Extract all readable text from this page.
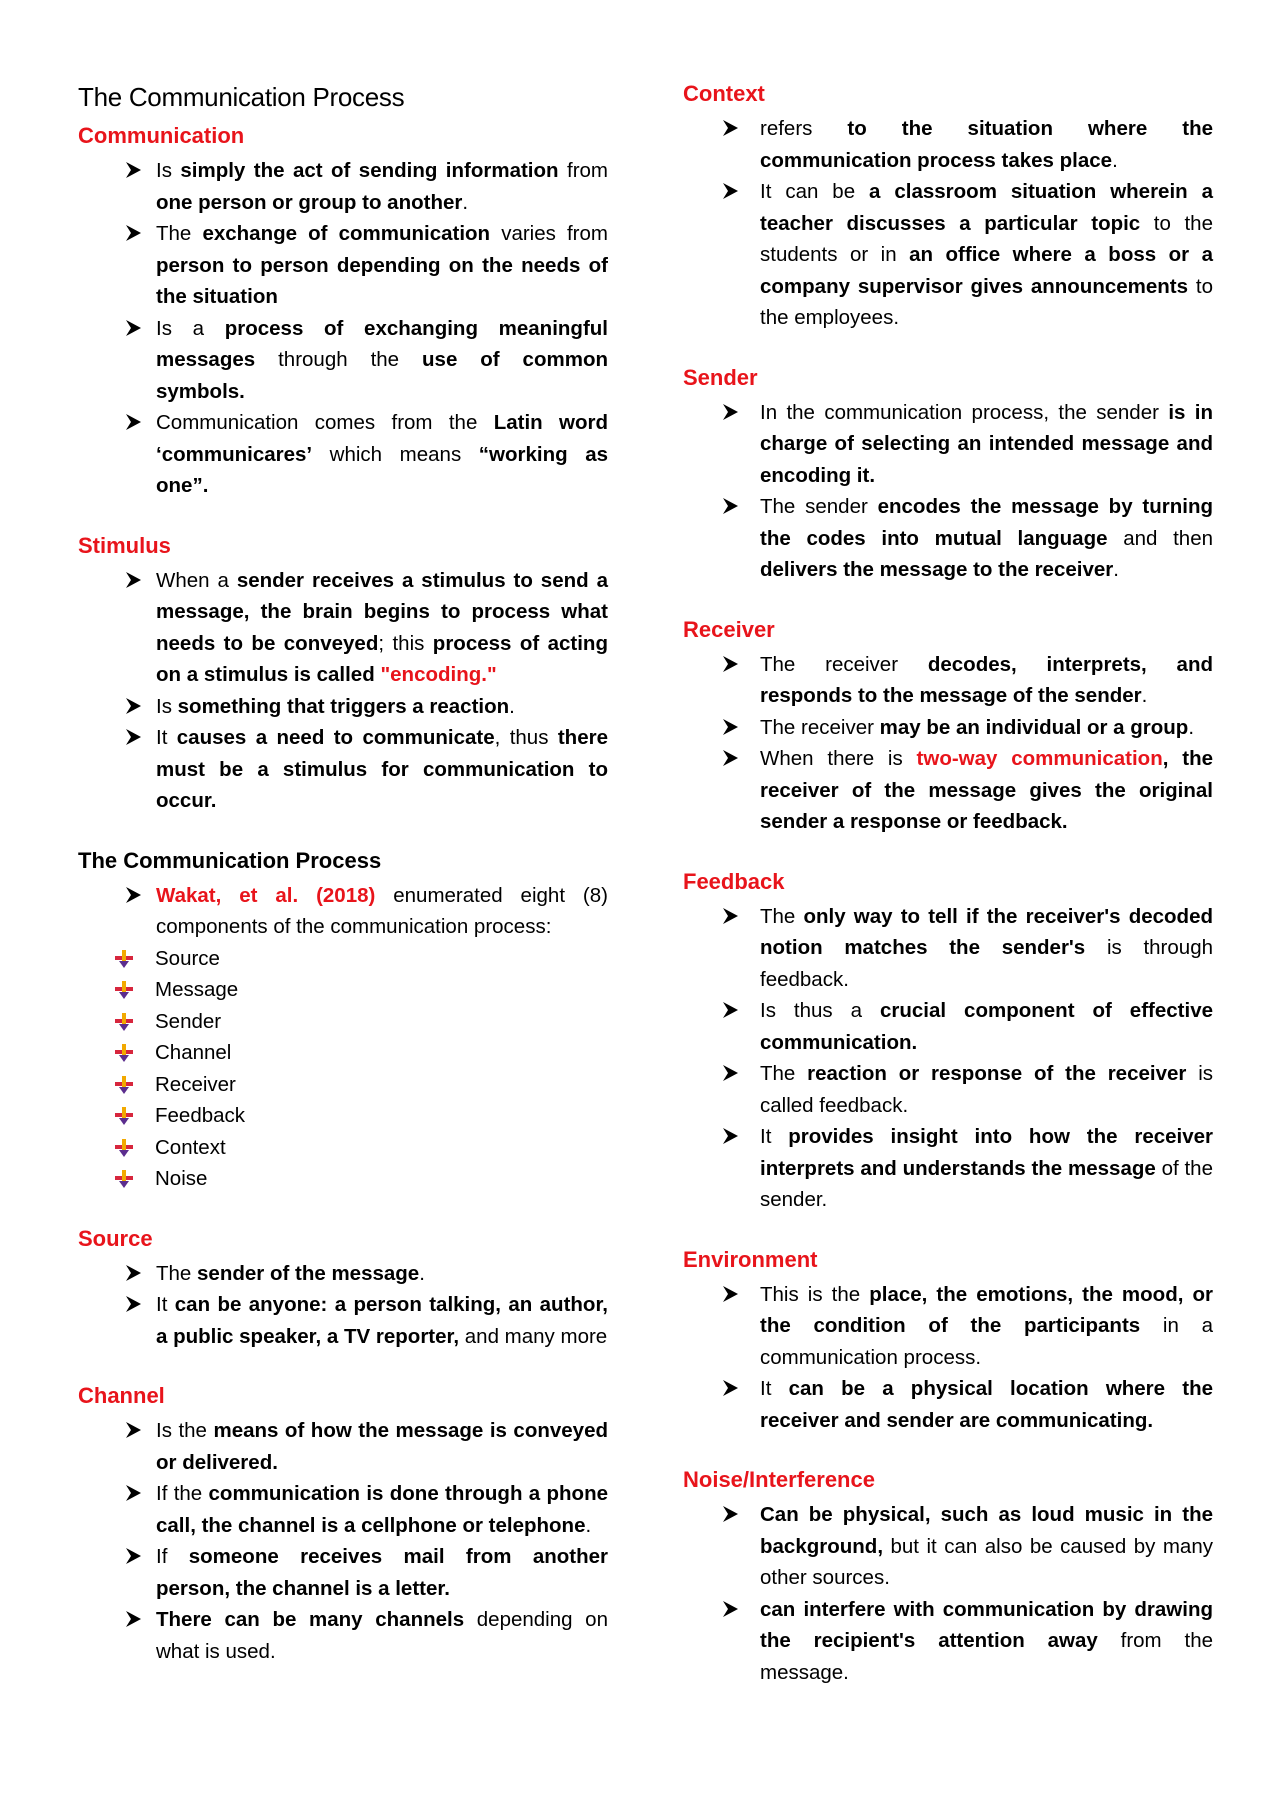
The Communication Process
Communication
Is simply the act of sending information from one person or group to another.
The exchange of communication varies from person to person depending on the needs of the situation
Is a process of exchanging meaningful messages through the use of common symbols.
Communication comes from the Latin word ‘communicares’ which means “working as one”.
Stimulus
When a sender receives a stimulus to send a message, the brain begins to process what needs to be conveyed; this process of acting on a stimulus is called "encoding."
Is something that triggers a reaction.
It causes a need to communicate, thus there must be a stimulus for communication to occur.
The Communication Process
Wakat, et al. (2018) enumerated eight (8) components of the communication process:
Source
Message
Sender
Channel
Receiver
Feedback
Context
Noise
Source
The sender of the message.
It can be anyone: a person talking, an author, a public speaker, a TV reporter, and many more
Channel
Is the means of how the message is conveyed or delivered.
If the communication is done through a phone call, the channel is a cellphone or telephone.
If someone receives mail from another person, the channel is a letter.
There can be many channels depending on what is used.
Context
refers to the situation where the communication process takes place.
It can be a classroom situation wherein a teacher discusses a particular topic to the students or in an office where a boss or a company supervisor gives announcements to the employees.
Sender
In the communication process, the sender is in charge of selecting an intended message and encoding it.
The sender encodes the message by turning the codes into mutual language and then delivers the message to the receiver.
Receiver
The receiver decodes, interprets, and responds to the message of the sender.
The receiver may be an individual or a group.
When there is two-way communication, the receiver of the message gives the original sender a response or feedback.
Feedback
The only way to tell if the receiver's decoded notion matches the sender's is through feedback.
Is thus a crucial component of effective communication.
The reaction or response of the receiver is called feedback.
It provides insight into how the receiver interprets and understands the message of the sender.
Environment
This is the place, the emotions, the mood, or the condition of the participants in a communication process.
It can be a physical location where the receiver and sender are communicating.
Noise/Interference
Can be physical, such as loud music in the background, but it can also be caused by many other sources.
can interfere with communication by drawing the recipient's attention away from the message.
